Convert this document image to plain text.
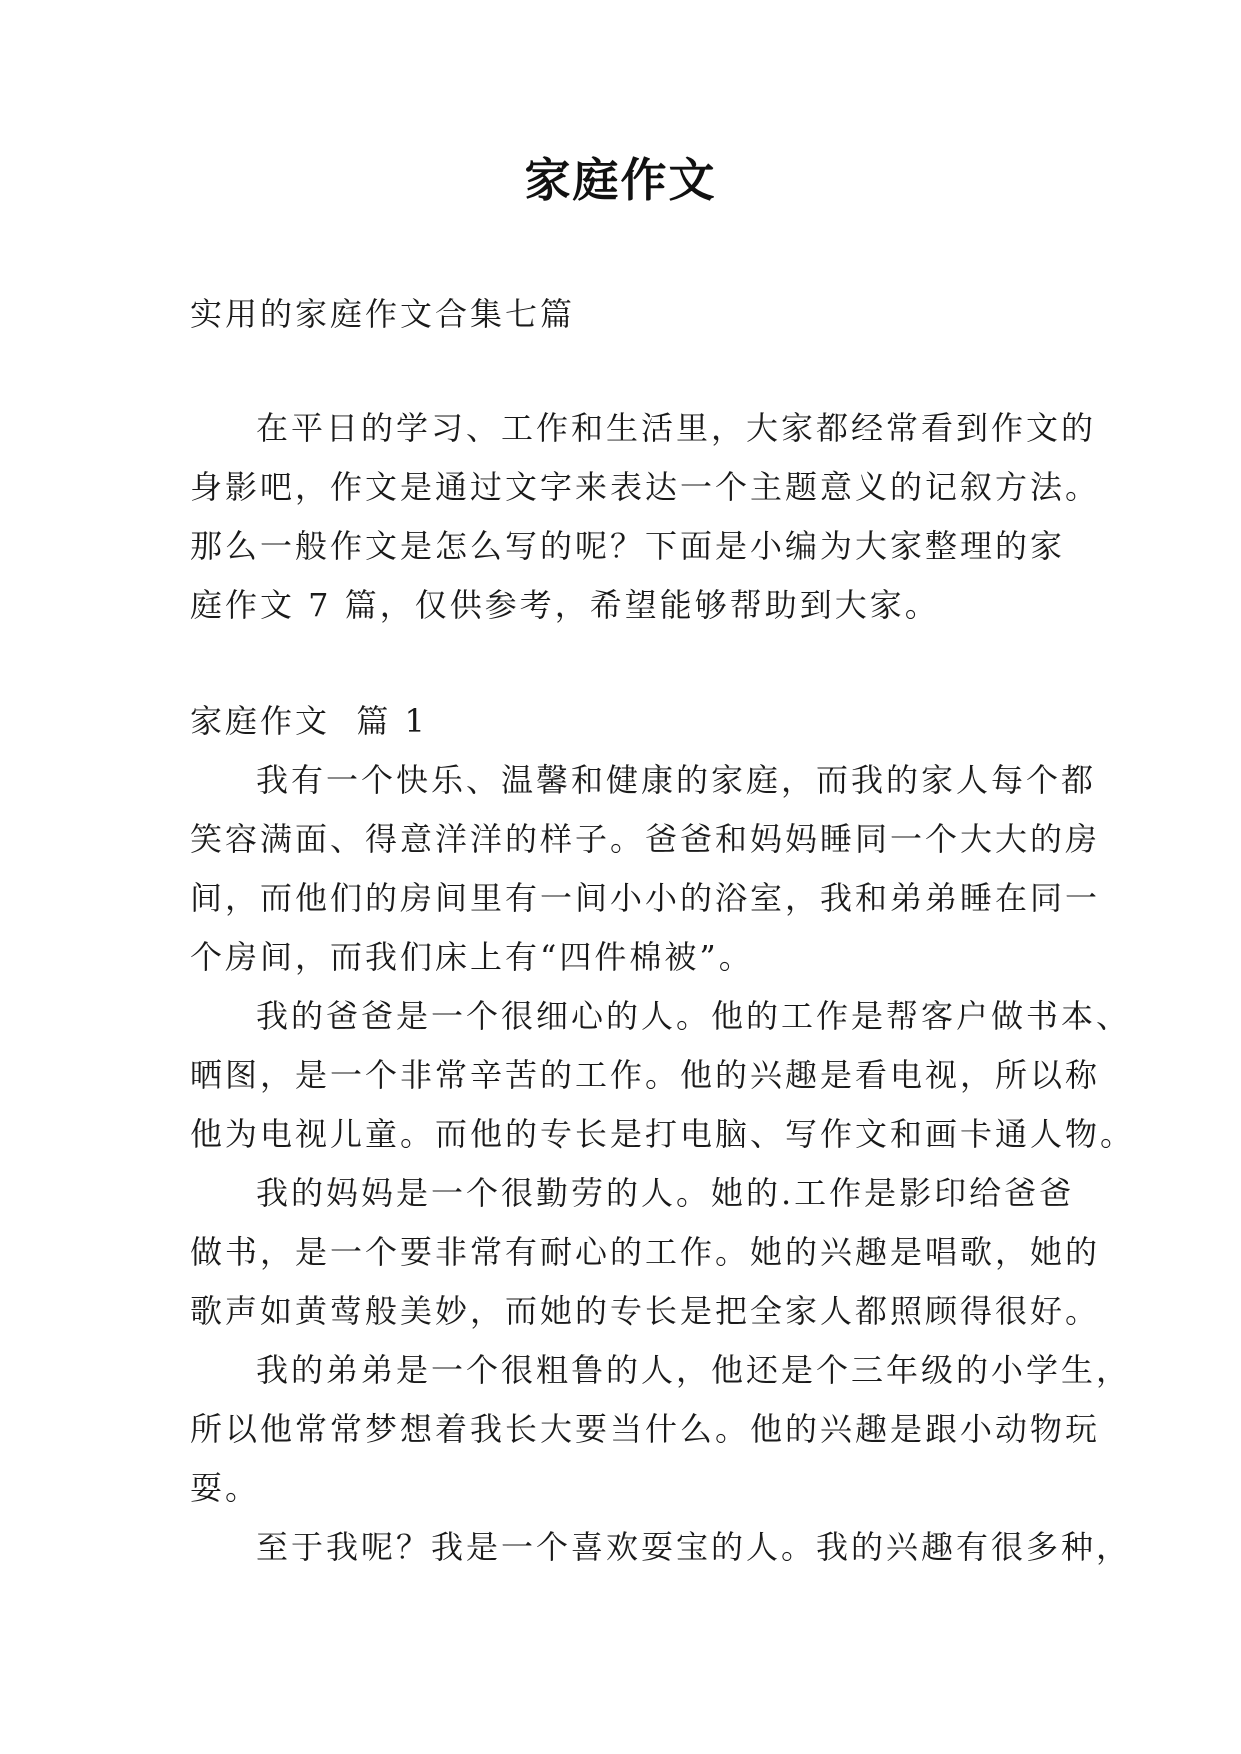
家庭作文
实用的家庭作文合集七篇
在平日的学习、工作和生活里，大家都经常看到作文的
身影吧，作文是通过文字来表达一个主题意义的记叙方法。
那么一般作文是怎么写的呢？下面是小编为大家整理的家
庭作文 7 篇，仅供参考，希望能够帮助到大家。
家庭作文  篇 1
我有一个快乐、温馨和健康的家庭，而我的家人每个都
笑容满面、得意洋洋的样子。爸爸和妈妈睡同一个大大的房
间，而他们的房间里有一间小小的浴室，我和弟弟睡在同一
个房间，而我们床上有“四件棉被”。
我的爸爸是一个很细心的人。他的工作是帮客户做书本、
晒图，是一个非常辛苦的工作。他的兴趣是看电视，所以称
他为电视儿童。而他的专长是打电脑、写作文和画卡通人物。
我的妈妈是一个很勤劳的人。她的.工作是影印给爸爸
做书，是一个要非常有耐心的工作。她的兴趣是唱歌，她的
歌声如黄莺般美妙，而她的专长是把全家人都照顾得很好。
我的弟弟是一个很粗鲁的人，他还是个三年级的小学生，
所以他常常梦想着我长大要当什么。他的兴趣是跟小动物玩
耍。
至于我呢？我是一个喜欢耍宝的人。我的兴趣有很多种，
